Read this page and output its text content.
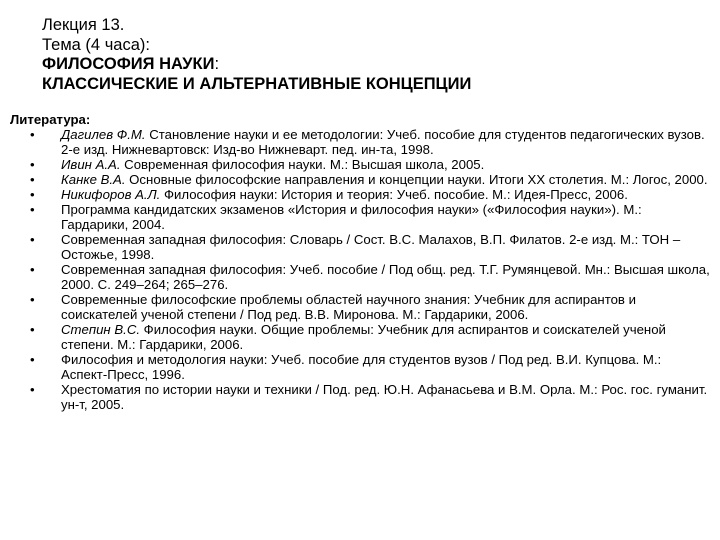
Лекция 13.
Тема (4 часа):
ФИЛОСОФИЯ НАУКИ:
КЛАССИЧЕСКИЕ И АЛЬТЕРНАТИВНЫЕ КОНЦЕПЦИИ
Литература:
•	Дагилев Ф.М. Становление науки и ее методологии: Учеб. пособие для студентов педагогических вузов. 2-е изд. Нижневартовск: Изд-во Нижневарт. пед. ин-та, 1998.
•	Ивин А.А. Современная философия науки. М.: Высшая школа, 2005.
•	Канке В.А. Основные философские направления и концепции науки. Итоги XX столетия. М.: Логос, 2000.
•	Никифоров А.Л. Философия науки: История и теория: Учеб. пособие. М.: Идея-Пресс, 2006.
•	Программа кандидатских экзаменов «История и философия науки» («Философия науки»). М.: Гардарики, 2004.
•	Современная западная философия: Словарь / Сост. В.С. Малахов, В.П. Филатов. 2-е изд. М.: ТОН – Остожье, 1998.
•	Современная западная философия: Учеб. пособие / Под общ. ред. Т.Г. Румянцевой. Мн.: Высшая школа, 2000. С. 249–264; 265–276.
•	Современные философские проблемы областей научного знания: Учебник для аспирантов и соискателей ученой степени / Под ред. В.В. Миронова. М.: Гардарики, 2006.
•	Степин В.С. Философия науки. Общие проблемы: Учебник для аспирантов и соискателей ученой степени. М.: Гардарики, 2006.
•	Философия и методология науки: Учеб. пособие для студентов вузов / Под ред. В.И. Купцова. М.: Аспект-Пресс, 1996.
•	Хрестоматия по истории науки и техники / Под. ред. Ю.Н. Афанасьева и В.М. Орла. М.: Рос. гос. гуманит. ун-т, 2005.
